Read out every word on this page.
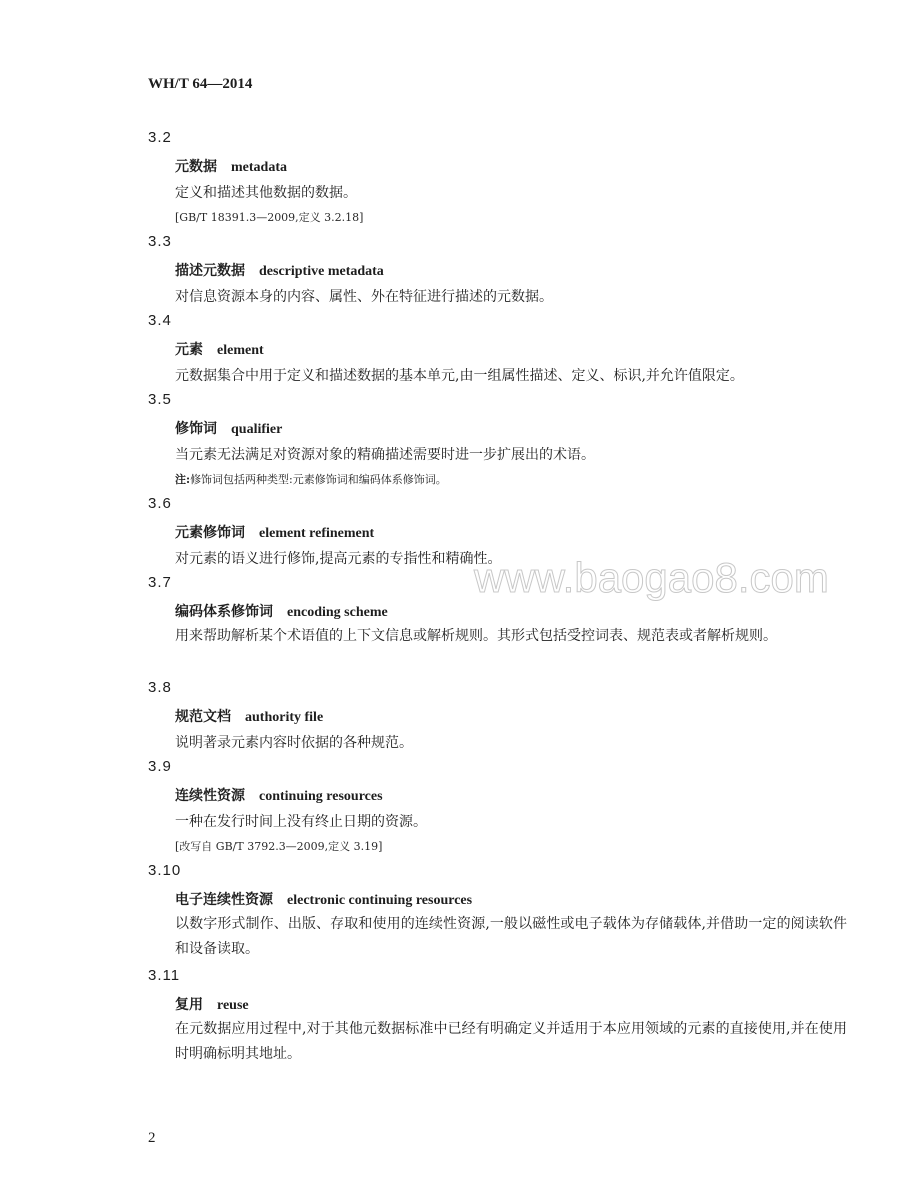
WH/T 64—2014
3.2
元数据 metadata
定义和描述其他数据的数据。
[GB/T 18391.3—2009,定义 3.2.18]
3.3
描述元数据 descriptive metadata
对信息资源本身的内容、属性、外在特征进行描述的元数据。
3.4
元素 element
元数据集合中用于定义和描述数据的基本单元,由一组属性描述、定义、标识,并允许值限定。
3.5
修饰词 qualifier
当元素无法满足对资源对象的精确描述需要时进一步扩展出的术语。
注:修饰词包括两种类型:元素修饰词和编码体系修饰词。
3.6
元素修饰词 element refinement
对元素的语义进行修饰,提高元素的专指性和精确性。
3.7
编码体系修饰词 encoding scheme
用来帮助解析某个术语值的上下文信息或解析规则。其形式包括受控词表、规范表或者解析规则。
3.8
规范文档 authority file
说明著录元素内容时依据的各种规范。
3.9
连续性资源 continuing resources
一种在发行时间上没有终止日期的资源。
[改写自 GB/T 3792.3—2009,定义 3.19]
3.10
电子连续性资源 electronic continuing resources
以数字形式制作、出版、存取和使用的连续性资源,一般以磁性或电子载体为存储载体,并借助一定的阅读软件和设备读取。
3.11
复用 reuse
在元数据应用过程中,对于其他元数据标准中已经有明确定义并适用于本应用领域的元素的直接使用,并在使用时明确标明其地址。
2
www.baogao8.com
